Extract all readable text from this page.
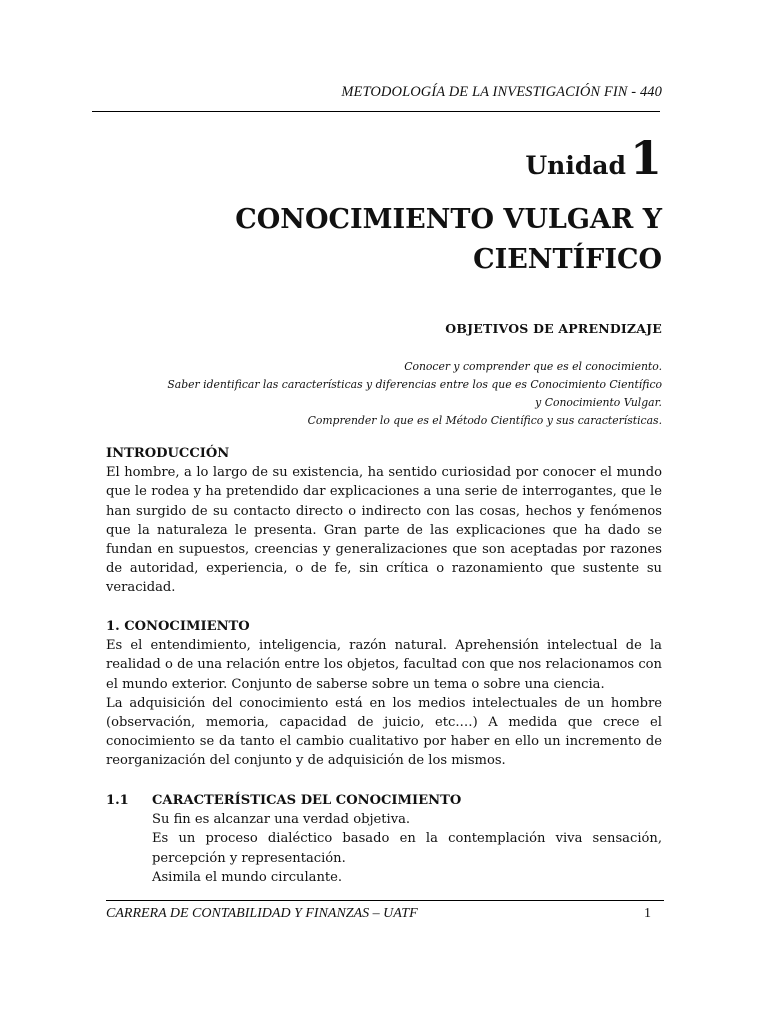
METODOLOGÍA DE LA INVESTIGACIÓN FIN - 440
Unidad1
CONOCIMIENTO VULGAR Y
CIENTÍFICO
OBJETIVOS DE APRENDIZAJE
Conocer y comprender que es el conocimiento.
Saber identificar las características y diferencias entre los que es Conocimiento Científico
y Conocimiento Vulgar.
Comprender lo que es el Método Científico y sus características.

INTRODUCCIÓN

El hombre, a lo largo de su existencia, ha sentido curiosidad por conocer el mundo que le rodea y ha pretendido dar explicaciones a una serie de interrogantes, que le han surgido de su contacto directo o indirecto con las cosas, hechos y fenómenos que la naturaleza le presenta. Gran parte de las explicaciones que ha dado se fundan en supuestos, creencias y generalizaciones que son aceptadas por razones de autoridad, experiencia, o de fe, sin crítica o razonamiento que sustente su veracidad.

1. CONOCIMIENTO

Es el entendimiento, inteligencia, razón natural. Aprehensión intelectual de la realidad o de una relación entre los objetos, facultad con que nos relacionamos con el mundo exterior. Conjunto de saberse sobre un tema o sobre una ciencia.

La adquisición del conocimiento está en los medios intelectuales de un hombre (observación, memoria, capacidad de juicio, etc.…) A medida que crece el conocimiento se da tanto el cambio cualitativo por haber en ello un incremento de reorganización del conjunto y de adquisición de los mismos.

1.1	CARACTERÍSTICAS DEL CONOCIMIENTO
Su fin es alcanzar una verdad objetiva.
Es un proceso dialéctico basado en la contemplación viva sensación, percepción y representación.
Asimila el mundo circulante.
CARRERA DE CONTABILIDAD Y FINANZAS – UATF	1
